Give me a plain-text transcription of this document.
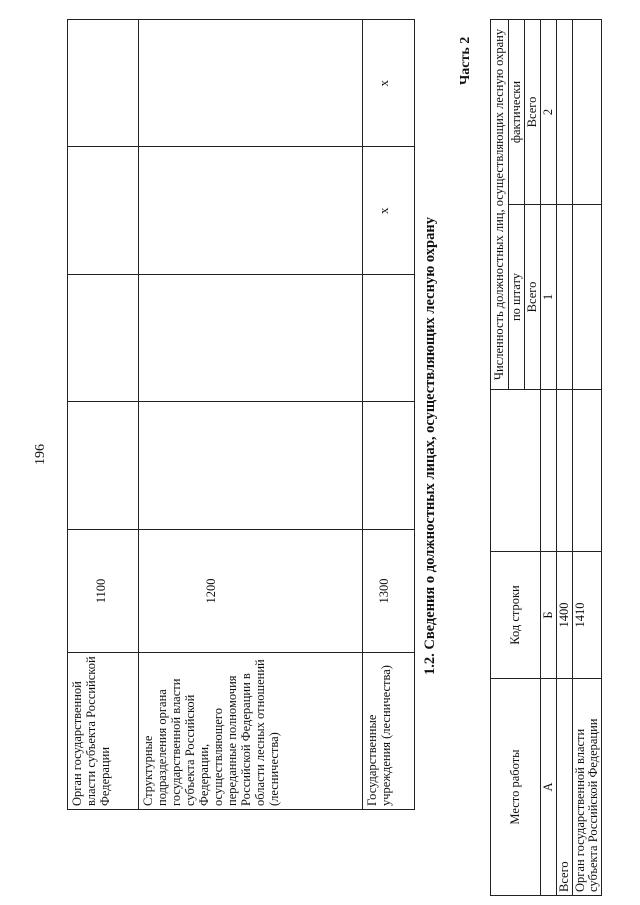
196
Орган государственной власти субъекта Российской Федерации	1100				
Структурные подразделения органа государственной власти субъекта Российской Федерации, осуществляющего переданные полномочия Российской Федерации в области лесных отношений (лесничества)	1200				
Государственные учреждения (лесничества)	1300			x	x
1.2. Сведения о должностных лицах, осуществляющих лесную охрану
Часть 2
Место работы	Код строки		Численность должностных лиц, осуществляющих лесную охрану	
			по штату	фактически
			Всего	Всего
А	Б		1	2
Всего	1400			
Орган государственной власти субъекта Российской Федерации	1410			
